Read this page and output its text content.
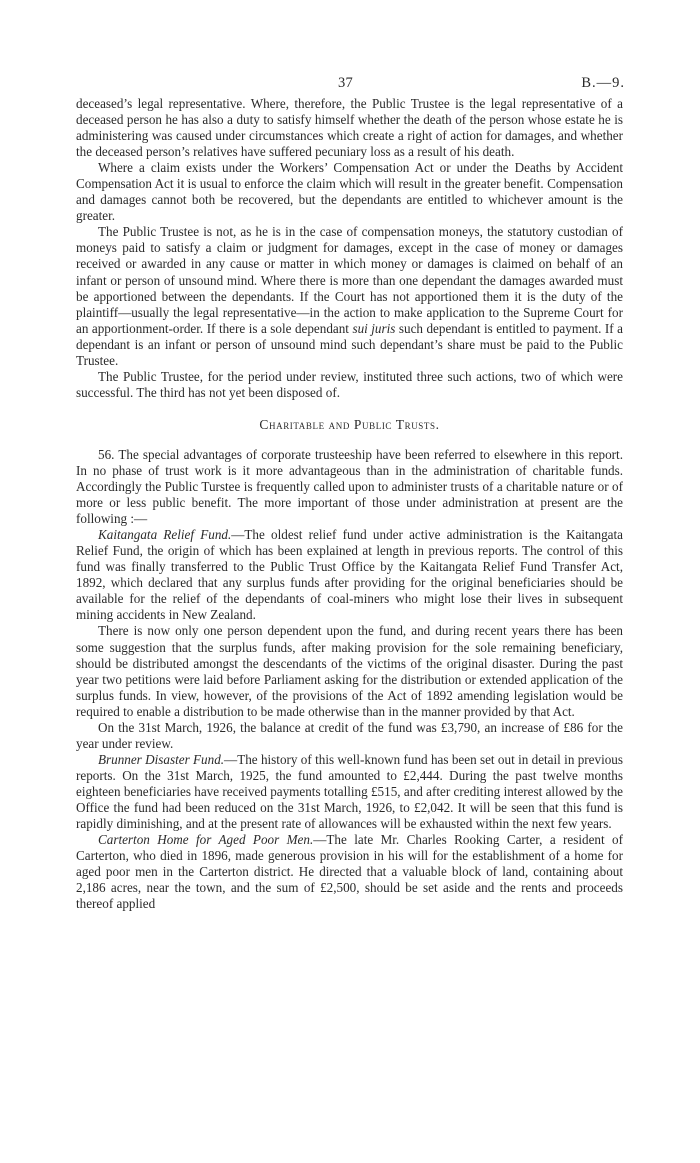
37	B.—9.

deceased’s legal representative. Where, therefore, the Public Trustee is the legal representative of a deceased person he has also a duty to satisfy himself whether the death of the person whose estate he is administering was caused under circumstances which create a right of action for damages, and whether the deceased person’s relatives have suffered pecuniary loss as a result of his death.

Where a claim exists under the Workers’ Compensation Act or under the Deaths by Accident Compensation Act it is usual to enforce the claim which will result in the greater benefit. Compensation and damages cannot both be recovered, but the dependants are entitled to whichever amount is the greater.

The Public Trustee is not, as he is in the case of compensation moneys, the statutory custodian of moneys paid to satisfy a claim or judgment for damages, except in the case of money or damages received or awarded in any cause or matter in which money or damages is claimed on behalf of an infant or person of unsound mind. Where there is more than one dependant the damages awarded must be apportioned between the dependants. If the Court has not apportioned them it is the duty of the plaintiff—usually the legal representative—in the action to make application to the Supreme Court for an apportionment-order. If there is a sole dependant sui juris such dependant is entitled to payment. If a dependant is an infant or person of unsound mind such dependant’s share must be paid to the Public Trustee.

The Public Trustee, for the period under review, instituted three such actions, two of which were successful. The third has not yet been disposed of.

Charitable and Public Trusts.

56. The special advantages of corporate trusteeship have been referred to elsewhere in this report. In no phase of trust work is it more advantageous than in the administration of charitable funds. Accordingly the Public Turstee is frequently called upon to administer trusts of a charitable nature or of more or less public benefit. The more important of those under administration at present are the following :—

Kaitangata Relief Fund.—The oldest relief fund under active administration is the Kaitangata Relief Fund, the origin of which has been explained at length in previous reports. The control of this fund was finally transferred to the Public Trust Office by the Kaitangata Relief Fund Transfer Act, 1892, which declared that any surplus funds after providing for the original beneficiaries should be available for the relief of the dependants of coal-miners who might lose their lives in subsequent mining accidents in New Zealand.

There is now only one person dependent upon the fund, and during recent years there has been some suggestion that the surplus funds, after making provision for the sole remaining beneficiary, should be distributed amongst the descendants of the victims of the original disaster. During the past year two petitions were laid before Parliament asking for the distribution or extended application of the surplus funds. In view, however, of the provisions of the Act of 1892 amending legislation would be required to enable a distribution to be made otherwise than in the manner provided by that Act.

On the 31st March, 1926, the balance at credit of the fund was £3,790, an increase of £86 for the year under review.

Brunner Disaster Fund.—The history of this well-known fund has been set out in detail in previous reports. On the 31st March, 1925, the fund amounted to £2,444. During the past twelve months eighteen beneficiaries have received payments totalling £515, and after crediting interest allowed by the Office the fund had been reduced on the 31st March, 1926, to £2,042. It will be seen that this fund is rapidly diminishing, and at the present rate of allowances will be exhausted within the next few years.

Carterton Home for Aged Poor Men.—The late Mr. Charles Rooking Carter, a resident of Carterton, who died in 1896, made generous provision in his will for the establishment of a home for aged poor men in the Carterton district. He directed that a valuable block of land, containing about 2,186 acres, near the town, and the sum of £2,500, should be set aside and the rents and proceeds thereof applied
